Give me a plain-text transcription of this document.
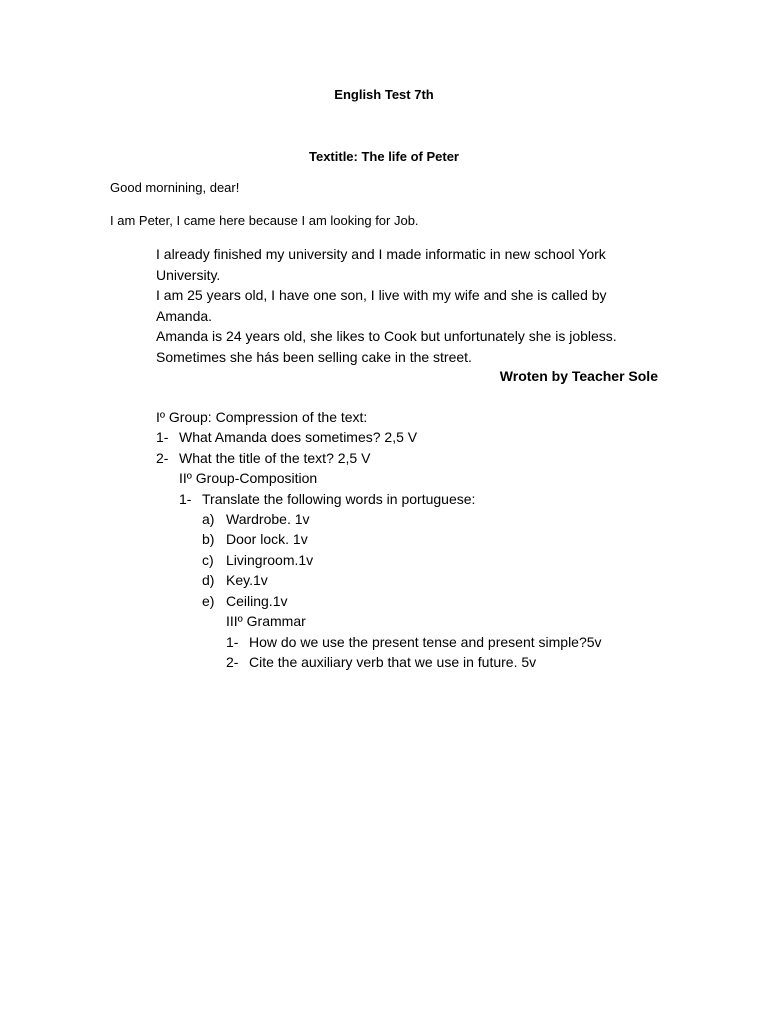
English Test 7th
Textitle: The life of Peter
Good mornining, dear!
I am Peter, I came here because I am looking for Job.

I already finished my university and I made informatic in new school York University.

I am 25 years old, I have one son, I live with my wife and she is called by Amanda.

Amanda is 24 years old, she likes to Cook but unfortunately she is jobless. Sometimes she hás been selling cake in the street.

Wroten by Teacher Sole
Iº Group: Compression of the text:
1- What Amanda does sometimes? 2,5 V
2- What the title of the text? 2,5 V
IIº Group-Composition
1- Translate the following words in portuguese:
a) Wardrobe. 1v
b) Door lock. 1v
c) Livingroom.1v
d) Key.1v
e) Ceiling.1v
IIIº Grammar
1- How do we use the present tense and present simple?5v
2- Cite the auxiliary verb that we use in future. 5v
